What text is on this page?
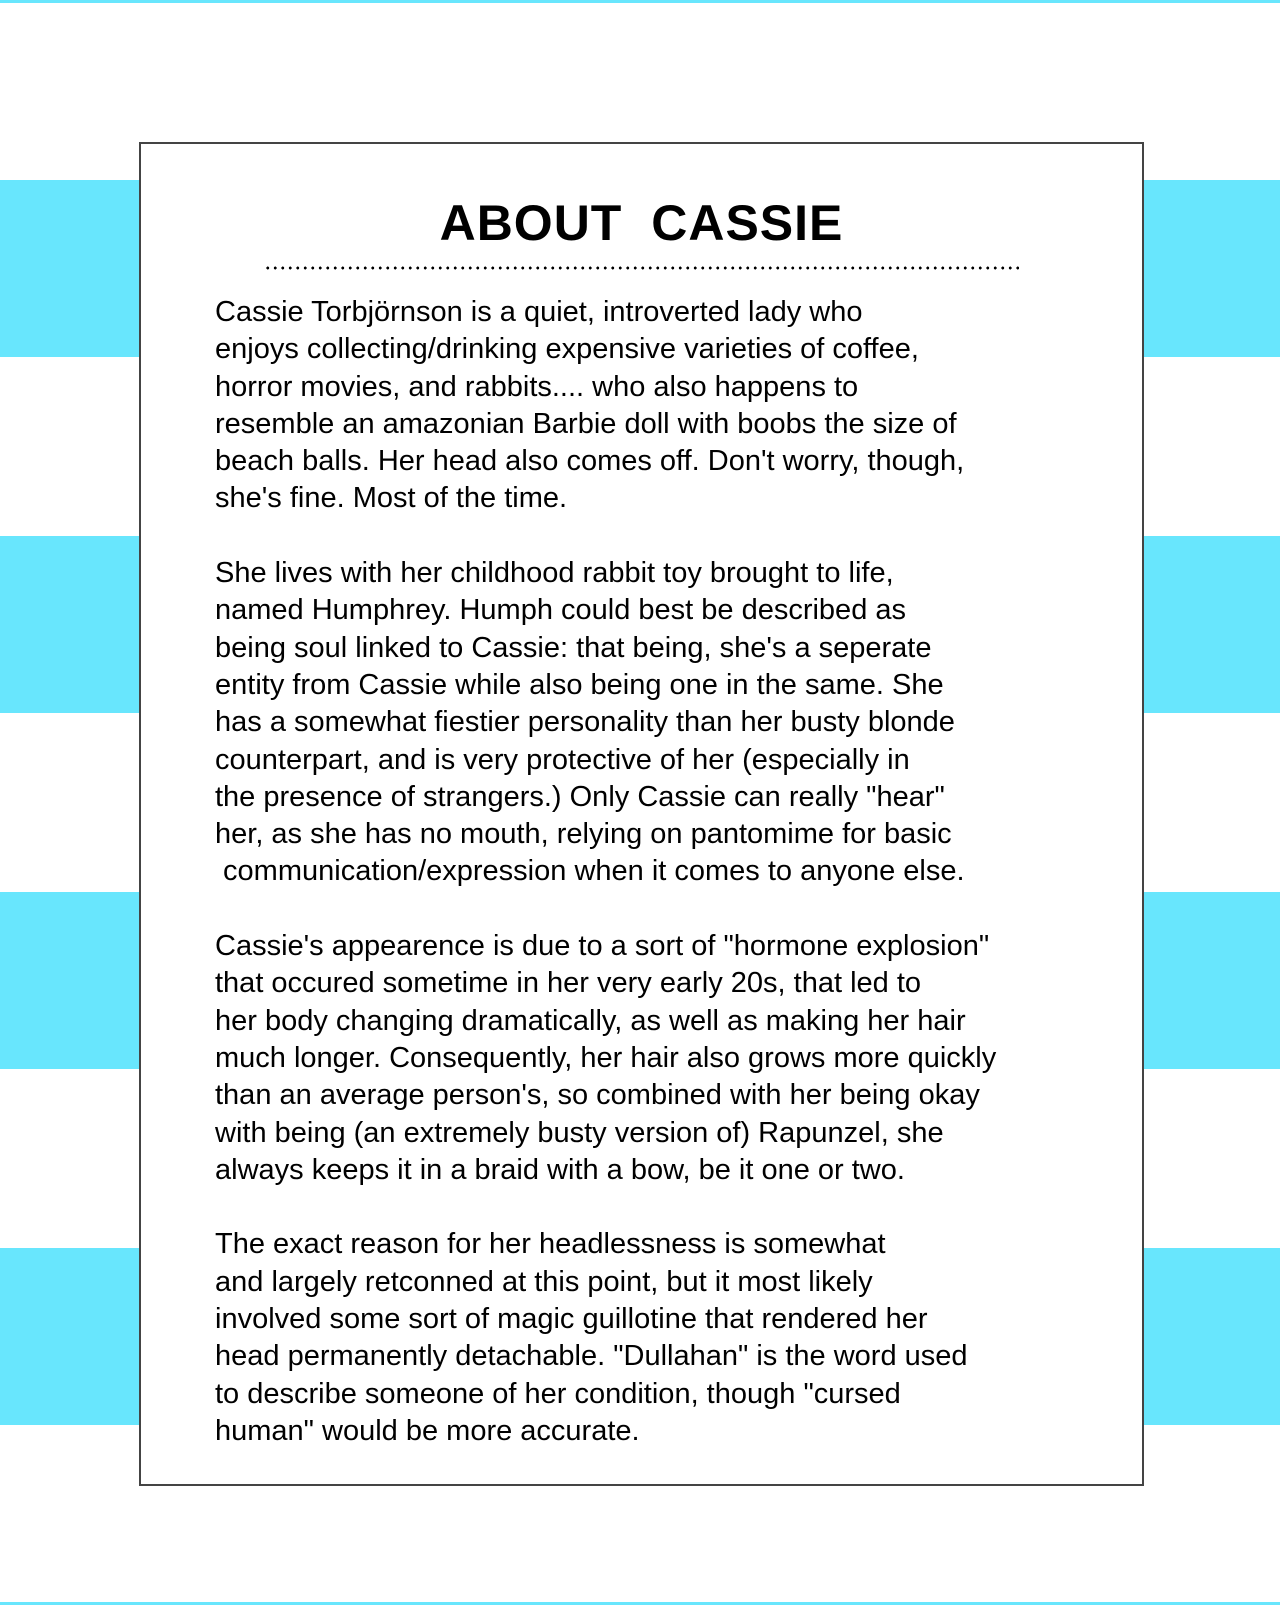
ABOUT CASSIE
Cassie Torbjörnson is a quiet, introverted lady who
enjoys collecting/drinking expensive varieties of coffee,
horror movies, and rabbits.... who also happens to
resemble an amazonian Barbie doll with boobs the size of
beach balls. Her head also comes off. Don't worry, though,
she's fine. Most of the time.
She lives with her childhood rabbit toy brought to life,
named Humphrey. Humph could best be described as
being soul linked to Cassie: that being, she's a seperate
entity from Cassie while also being one in the same. She
has a somewhat fiestier personality than her busty blonde
counterpart, and is very protective of her (especially in
the presence of strangers.) Only Cassie can really "hear"
her, as she has no mouth, relying on pantomime for basic
communication/expression when it comes to anyone else.
Cassie's appearence is due to a sort of "hormone explosion"
that occured sometime in her very early 20s, that led to
her body changing dramatically, as well as making her hair
much longer. Consequently, her hair also grows more quickly
than an average person's, so combined with her being okay
with being (an extremely busty version of) Rapunzel, she
always keeps it in a braid with a bow, be it one or two.
The exact reason for her headlessness is somewhat
and largely retconned at this point, but it most likely
involved some sort of magic guillotine that rendered her
head permanently detachable. "Dullahan" is the word used
to describe someone of her condition, though "cursed
human" would be more accurate.
